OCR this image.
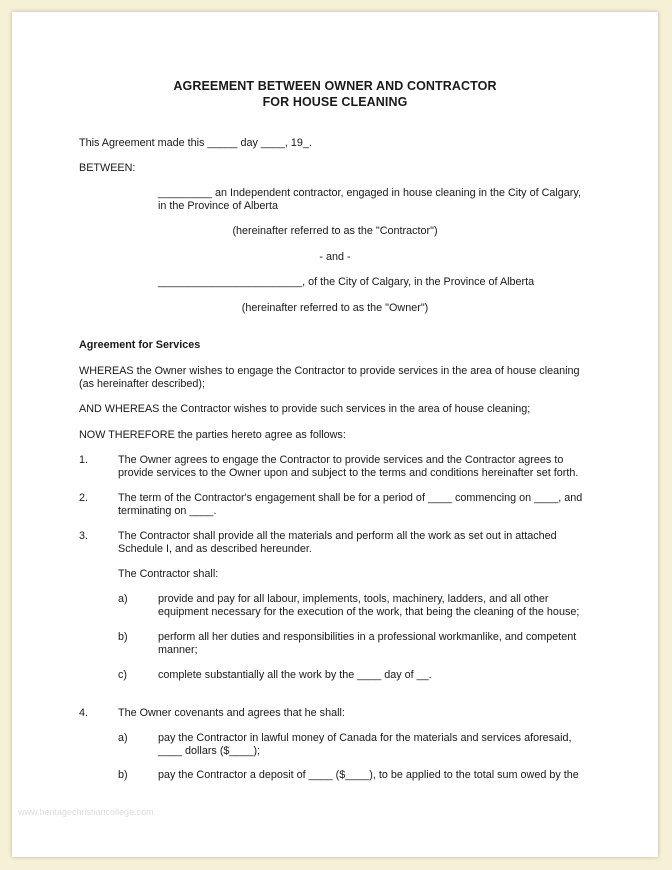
AGREEMENT BETWEEN OWNER AND CONTRACTOR
FOR HOUSE CLEANING
This Agreement made this _____ day ____, 19_.
BETWEEN:
_________ an Independent contractor, engaged in house cleaning in the City of Calgary,
in the Province of Alberta
(hereinafter referred to as the "Contractor")
- and -
________________________, of the City of Calgary, in the Province of Alberta
(hereinafter referred to as the "Owner")
Agreement for Services
WHEREAS the Owner wishes to engage the Contractor to provide services in the area of house cleaning
(as hereinafter described);
AND WHEREAS the Contractor wishes to provide such services in the area of house cleaning;
NOW THEREFORE the parties hereto agree as follows:
1.	The Owner agrees to engage the Contractor to provide services and the Contractor agrees to
provide services to the Owner upon and subject to the terms and conditions hereinafter set forth.
2.	The term of the Contractor's engagement shall be for a period of ____ commencing on ____, and
terminating on ____.
3.	The Contractor shall provide all the materials and perform all the work as set out in attached
Schedule I, and as described hereunder.
The Contractor shall:
a)	provide and pay for all labour, implements, tools, machinery, ladders, and all other
equipment necessary for the execution of the work, that being the cleaning of the house;
b)	perform all her duties and responsibilities in a professional workmanlike, and competent
manner;
c)	complete substantially all the work by the ____ day of __.
4.	The Owner covenants and agrees that he shall:
a)	pay the Contractor in lawful money of Canada for the materials and services aforesaid,
____ dollars ($____);
b)	pay the Contractor a deposit of ____ ($____), to be applied to the total sum owed by the
www.heritagechristiancollege.com
